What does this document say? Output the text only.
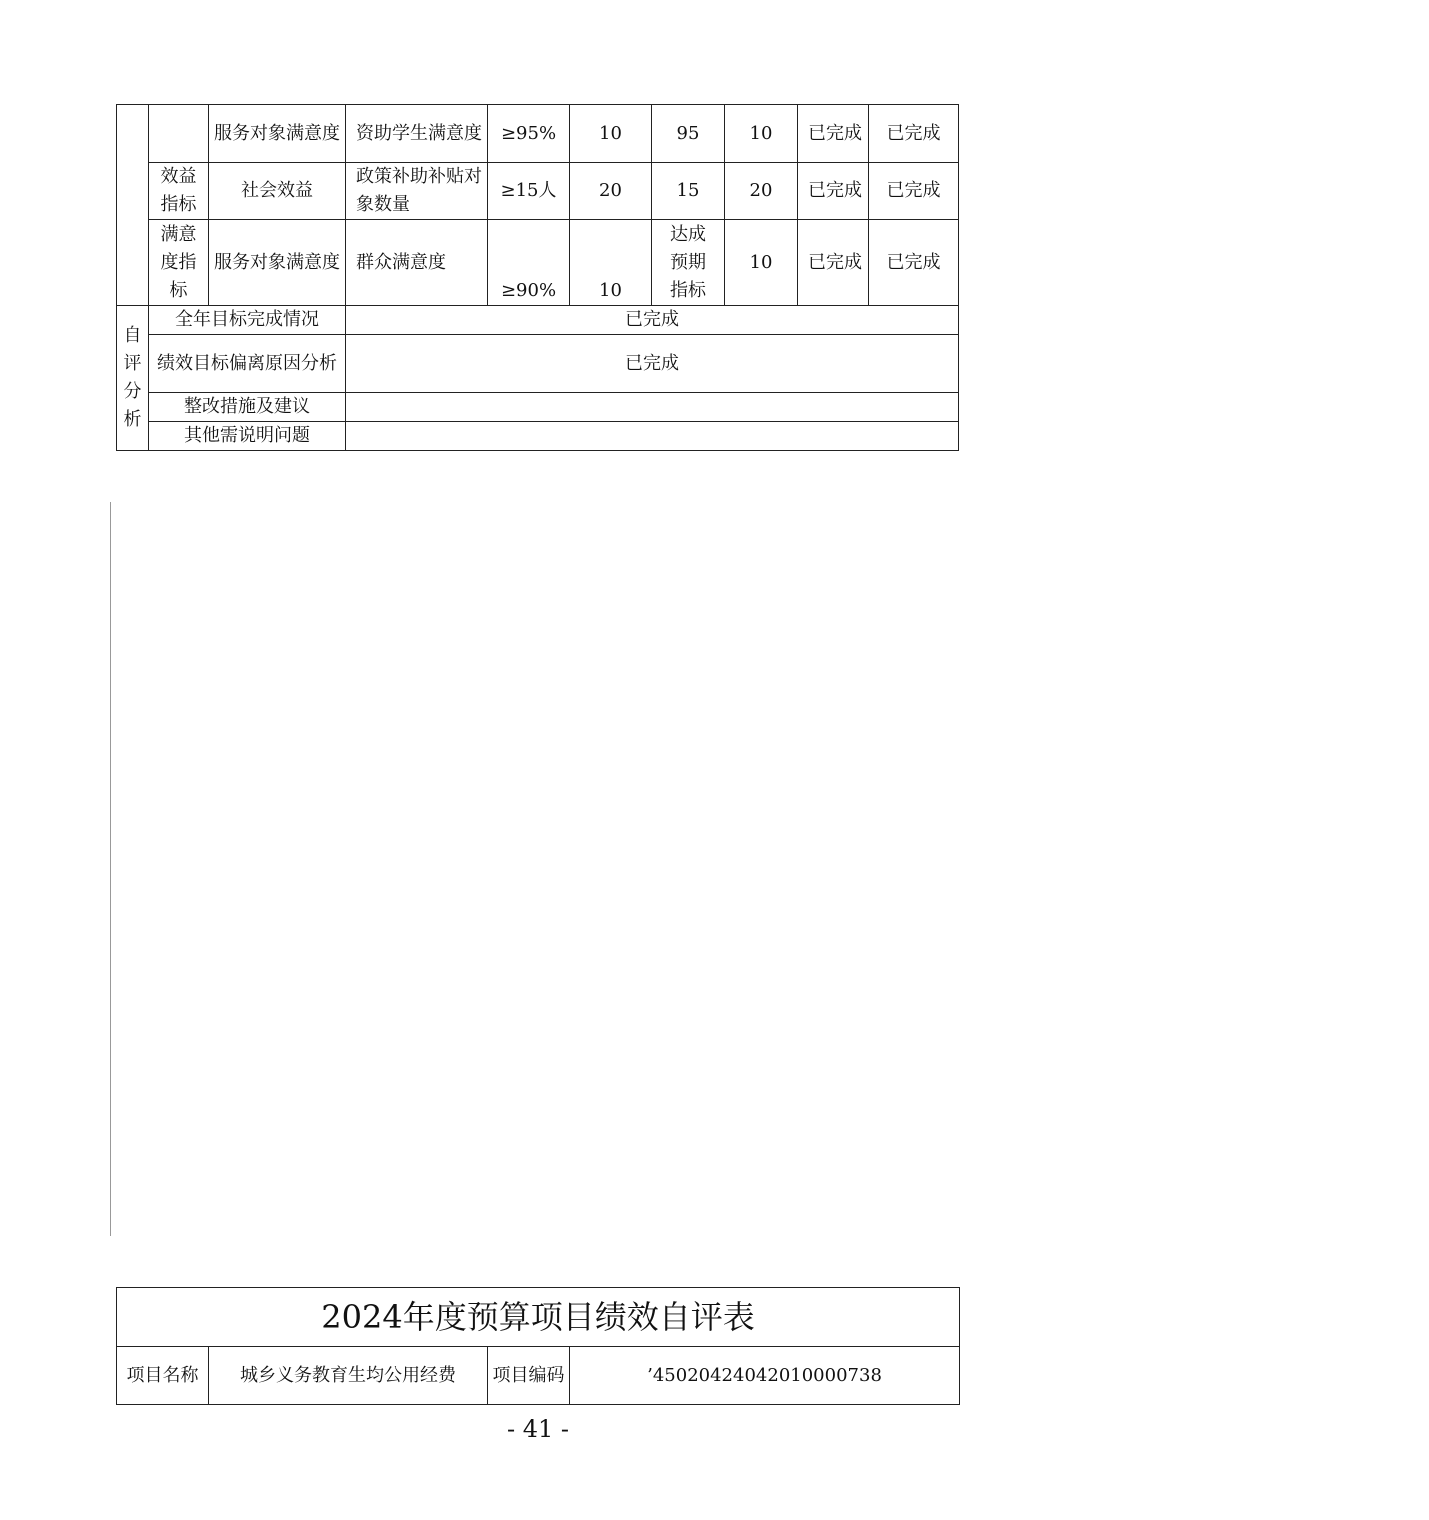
		服务对象满意度	资助学生满意度	≥95%	10	95	10	已完成	已完成
	效益指标	社会效益	政策补助补贴对象数量	≥15人	20	15	20	已完成	已完成
	满意度指标	服务对象满意度	群众满意度	≥90%	10	达成预期指标	10	已完成	已完成
自评分析	全年目标完成情况		已完成						
	绩效目标偏离原因分析		已完成						
	整改措施及建议								
	其他需说明问题								
2024年度预算项目绩效自评表
项目名称	城乡义务教育生均公用经费	项目编码	’45020424042010000738
- 41 -
